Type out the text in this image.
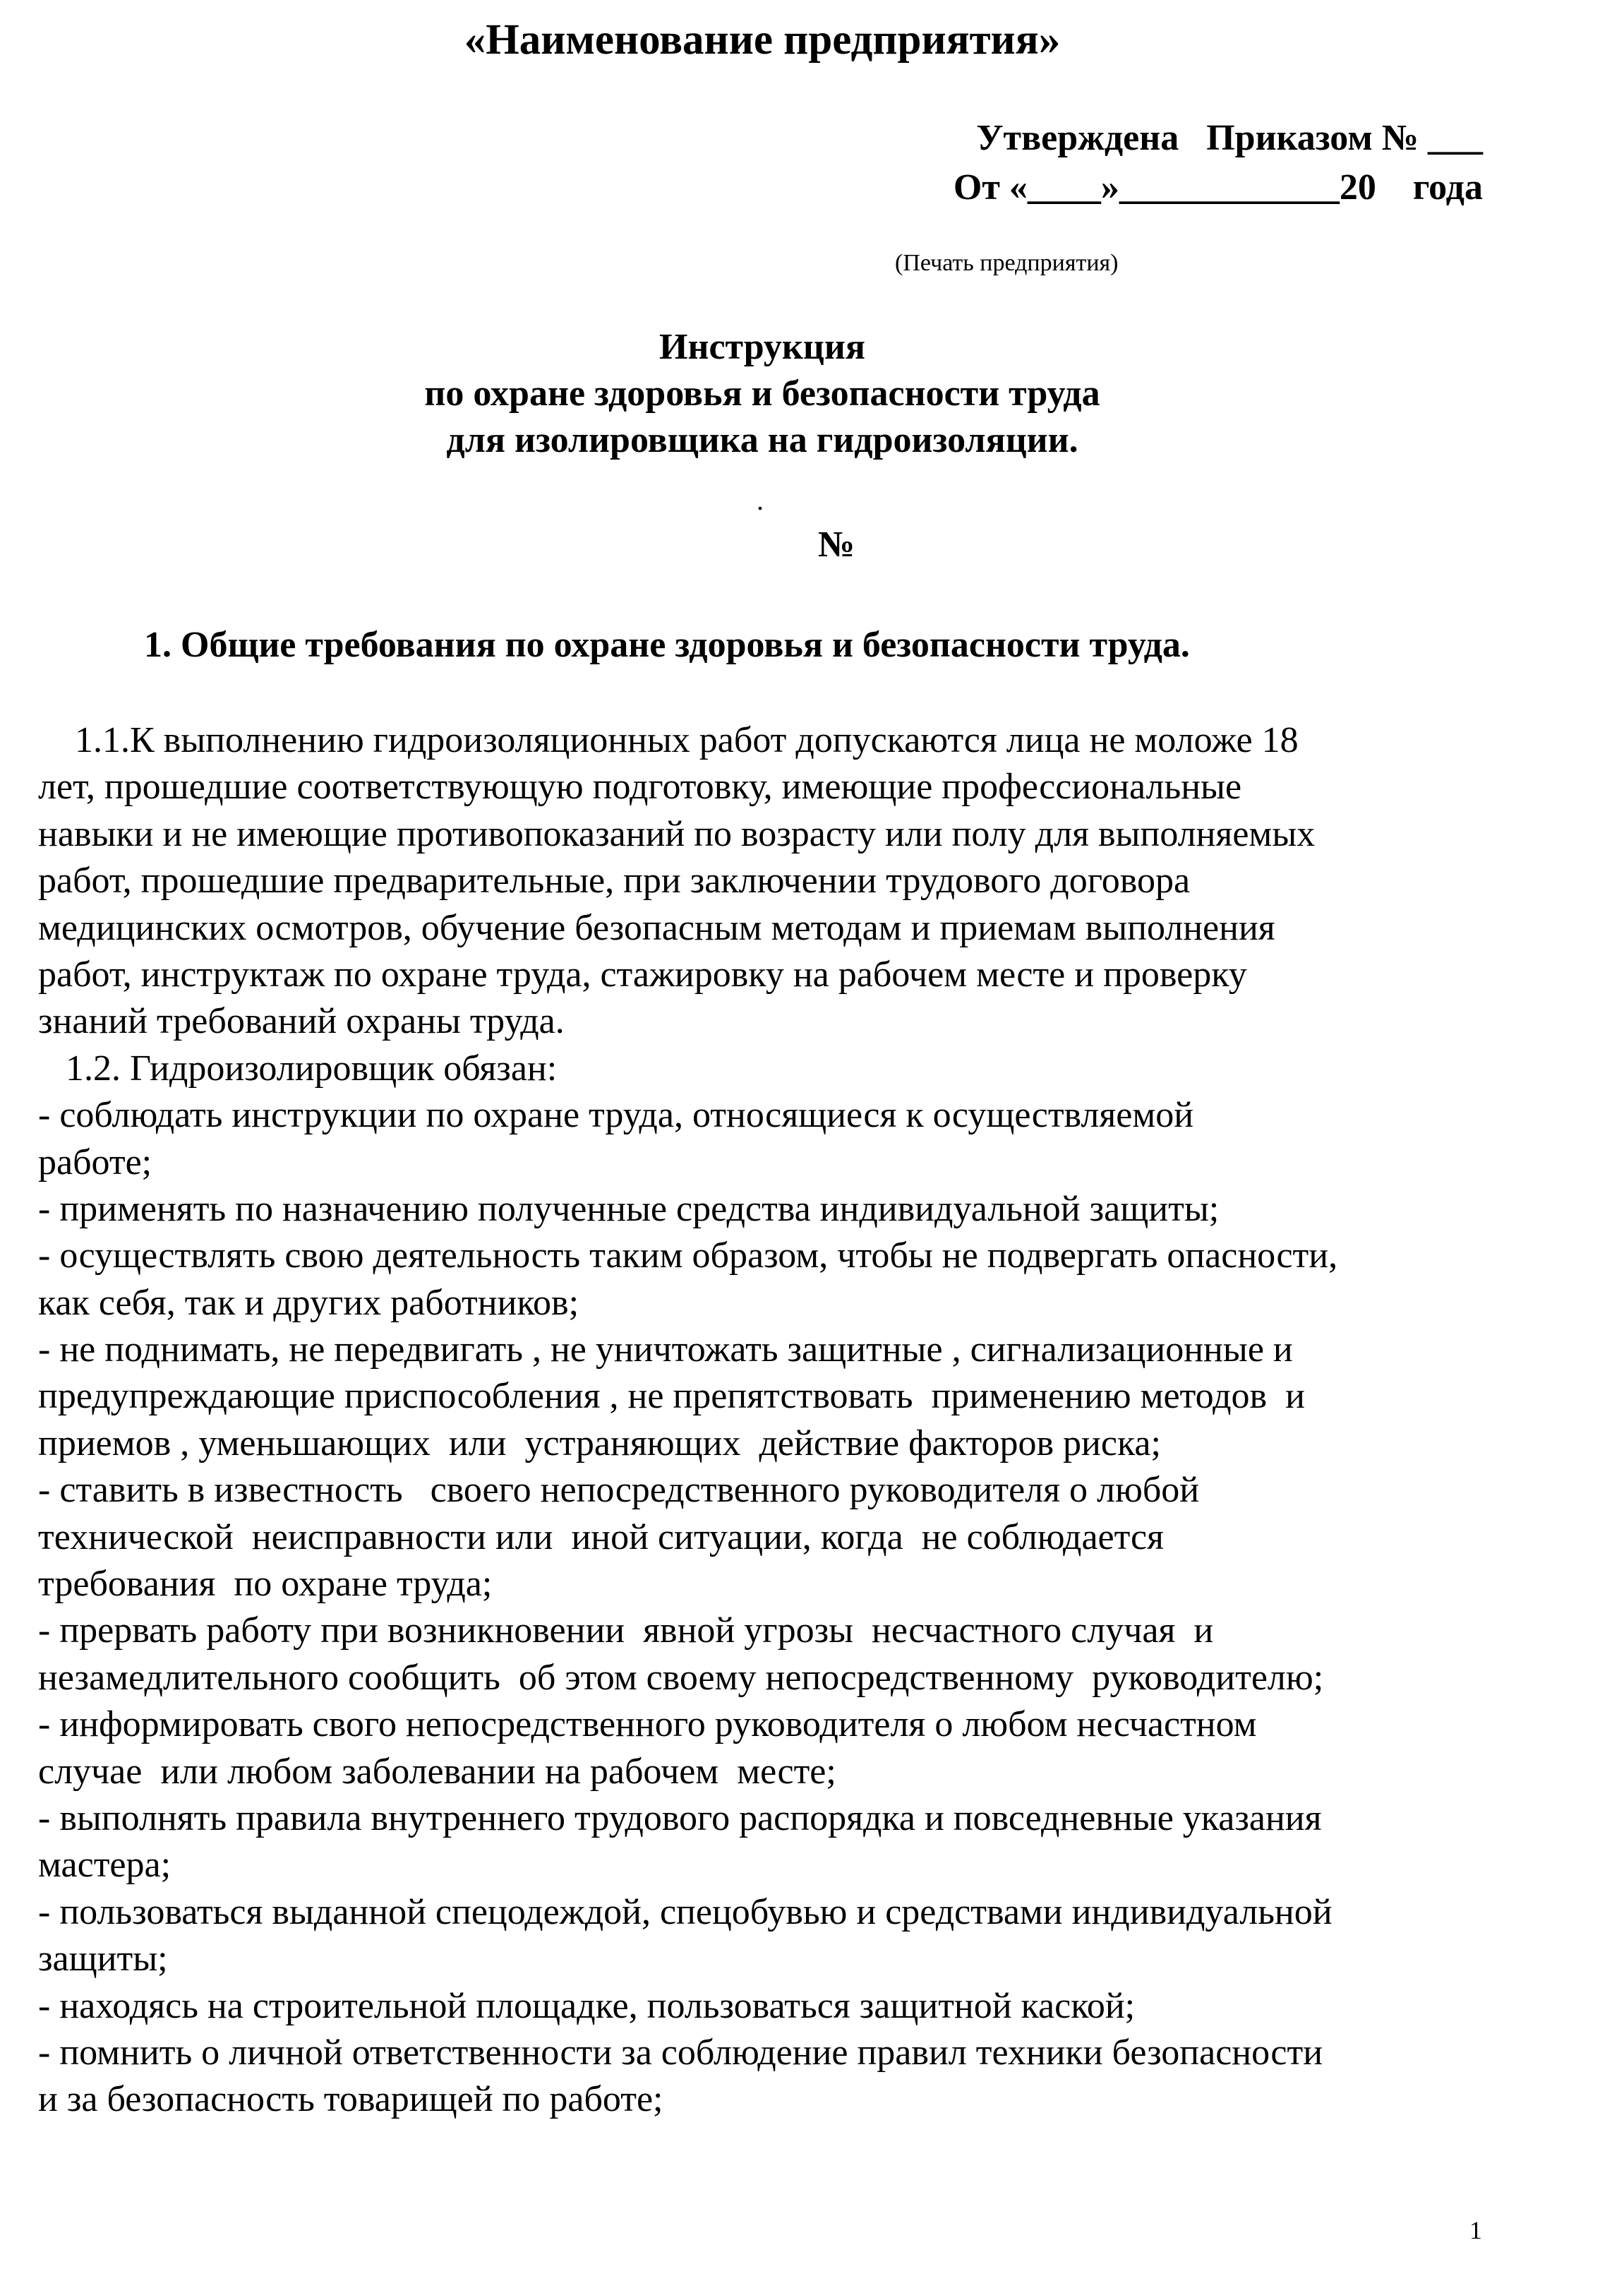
«Наименование предприятия»
Утверждена   Приказом № ___
От «____»____________20    года
(Печать предприятия)
Инструкция
по охране здоровья и безопасности труда
для изолировщика на гидроизоляции.
.
№
1. Общие требования по охране здоровья и безопасности труда.
1.1.К выполнению гидроизоляционных работ допускаются лица не моложе 18
лет, прошедшие соответствующую подготовку, имеющие профессиональные
навыки и не имеющие противопоказаний по возрасту или полу для выполняемых
работ, прошедшие предварительные, при заключении трудового договора
медицинских осмотров, обучение безопасным методам и приемам выполнения
работ, инструктаж по охране труда, стажировку на рабочем месте и проверку
знаний требований охраны труда.
1.2. Гидроизолировщик обязан:
- соблюдать инструкции по охране труда, относящиеся к осуществляемой
работе;
- применять по назначению полученные средства индивидуальной защиты;
- осуществлять свою деятельность таким образом, чтобы не подвергать опасности,
как себя, так и других работников;
- не поднимать, не передвигать , не уничтожать защитные , сигнализационные и
предупреждающие приспособления , не препятствовать  применению методов  и
приемов , уменьшающих  или  устраняющих  действие факторов риска;
- ставить в известность   своего непосредственного руководителя о любой
технической  неисправности или  иной ситуации, когда  не соблюдается
требования  по охране труда;
- прервать работу при возникновении  явной угрозы  несчастного случая  и
незамедлительного сообщить  об этом своему непосредственному  руководителю;
- информировать свого непосредственного руководителя о любом несчастном
случае  или любом заболевании на рабочем  месте;
- выполнять правила внутреннего трудового распорядка и повседневные указания
мастера;
- пользоваться выданной спецодеждой, спецобувью и средствами индивидуальной
защиты;
- находясь на строительной площадке, пользоваться защитной каской;
- помнить о личной ответственности за соблюдение правил техники безопасности
и за безопасность товарищей по работе;
1
